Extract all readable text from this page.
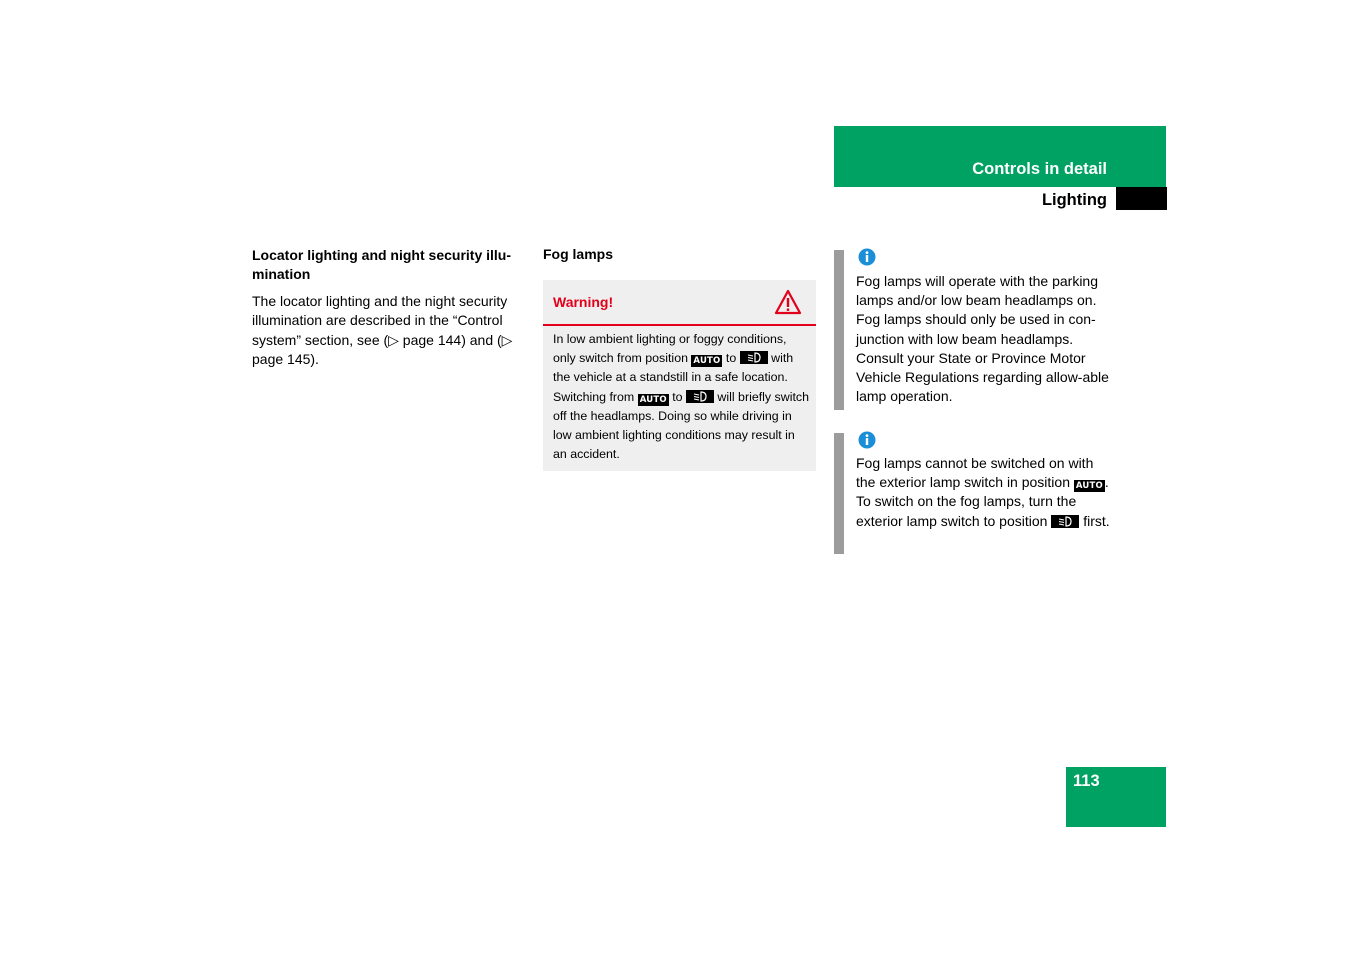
Controls in detail
Lighting
Locator lighting and night security illu-mination
The locator lighting and the night security illumination are described in the “Control system” section, see (▷ page 144) and (▷ page 145).
Fog lamps
Warning!
In low ambient lighting or foggy conditions, only switch from position AUTO to
with the vehicle at a standstill in a safe location. Switching from AUTO to
will briefly switch off the headlamps. Doing so while driving in low ambient lighting conditions may result in an accident.
Fog lamps will operate with the parking lamps and/or low beam headlamps on. Fog lamps should only be used in con-junction with low beam headlamps. Consult your State or Province Motor Vehicle Regulations regarding allow-able lamp operation.
Fog lamps cannot be switched on with the exterior lamp switch in position AUTO . To switch on the fog lamps, turn the exterior lamp switch to position
first.
113
